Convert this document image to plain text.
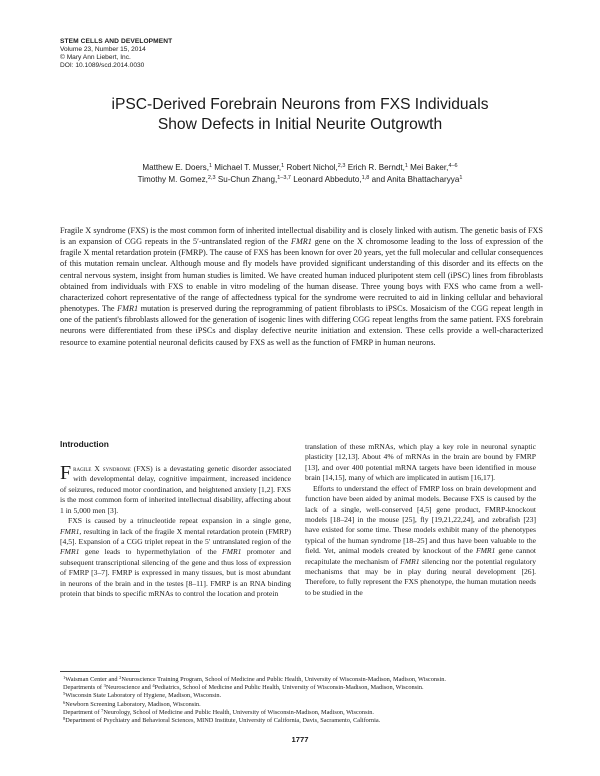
STEM CELLS AND DEVELOPMENT
Volume 23, Number 15, 2014
© Mary Ann Liebert, Inc.
DOI: 10.1089/scd.2014.0030
iPSC-Derived Forebrain Neurons from FXS Individuals
Show Defects in Initial Neurite Outgrowth
Matthew E. Doers,$^1$ Michael T. Musser,$^1$ Robert Nichol,$^{2,3}$ Erich R. Berndt,$^1$ Mei Baker,$^{4-6}$
Timothy M. Gomez,$^{2,3}$ Su-Chun Zhang,$^{1-3,7}$ Leonard Abbeduto,$^{1,8}$ and Anita Bhattacharyya$^1$

Fragile X syndrome (FXS) is the most common form of inherited intellectual disability and is closely linked with autism. The genetic basis of FXS is an expansion of CGG repeats in the 5′-untranslated region of the FMR1 gene on the X chromosome leading to the loss of expression of the fragile X mental retardation protein (FMRP). The cause of FXS has been known for over 20 years, yet the full molecular and cellular consequences of this mutation remain unclear. Although mouse and fly models have provided significant understanding of this disorder and its effects on the central nervous system, insight from human studies is limited. We have created human induced pluripotent stem cell (iPSC) lines from fibroblasts obtained from individuals with FXS to enable in vitro modeling of the human disease. Three young boys with FXS who came from a well-characterized cohort representative of the range of affectedness typical for the syndrome were recruited to aid in linking cellular and behavioral phenotypes. The FMR1 mutation is preserved during the reprogramming of patient fibroblasts to iPSCs. Mosaicism of the CGG repeat length in one of the patient's fibroblasts allowed for the generation of isogenic lines with differing CGG repeat lengths from the same patient. FXS forebrain neurons were differentiated from these iPSCs and display defective neurite initiation and extension. These cells provide a well-characterized resource to examine potential neuronal deficits caused by FXS as well as the function of FMRP in human neurons.

Introduction

Fragile X syndrome (FXS) is a devastating genetic disorder associated with developmental delay, cognitive impairment, increased incidence of seizures, reduced motor coordination, and heightened anxiety [1,2]. FXS is the most common form of inherited intellectual disability, affecting about 1 in 5,000 men [3].

FXS is caused by a trinucleotide repeat expansion in a single gene, FMR1, resulting in lack of the fragile X mental retardation protein (FMRP) [4,5]. Expansion of a CGG triplet repeat in the 5′ untranslated region of the FMR1 gene leads to hypermethylation of the FMR1 promoter and subsequent transcriptional silencing of the gene and thus loss of expression of FMRP [3–7]. FMRP is expressed in many tissues, but is most abundant in neurons of the brain and in the testes [8–11]. FMRP is an RNA binding protein that binds to specific mRNAs to control the location and protein

translation of these mRNAs, which play a key role in neuronal synaptic plasticity [12,13]. About 4% of mRNAs in the brain are bound by FMRP [13], and over 400 potential mRNA targets have been identified in mouse brain [14,15], many of which are implicated in autism [16,17].

Efforts to understand the effect of FMRP loss on brain development and function have been aided by animal models. Because FXS is caused by the lack of a single, well-conserved [4,5] gene product, FMRP-knockout models [18–24] in the mouse [25], fly [19,21,22,24], and zebrafish [23] have existed for some time. These models exhibit many of the phenotypes typical of the human syndrome [18–25] and thus have been valuable to the field. Yet, animal models created by knockout of the FMR1 gene cannot recapitulate the mechanism of FMR1 silencing nor the potential regulatory mechanisms that may be in play during neural development [26]. Therefore, to fully represent the FXS phenotype, the human mutation needs to be studied in the

$^1$Waisman Center and $^2$Neuroscience Training Program, School of Medicine and Public Health, University of Wisconsin-Madison, Madison, Wisconsin.

Departments of $^3$Neuroscience and $^4$Pediatrics, School of Medicine and Public Health, University of Wisconsin-Madison, Madison, Wisconsin.

$^5$Wisconsin State Laboratory of Hygiene, Madison, Wisconsin.

$^6$Newborn Screening Laboratory, Madison, Wisconsin.

Department of $^7$Neurology, School of Medicine and Public Health, University of Wisconsin-Madison, Madison, Wisconsin.

$^8$Department of Psychiatry and Behavioral Sciences, MIND Institute, University of California, Davis, Sacramento, California.

1777
